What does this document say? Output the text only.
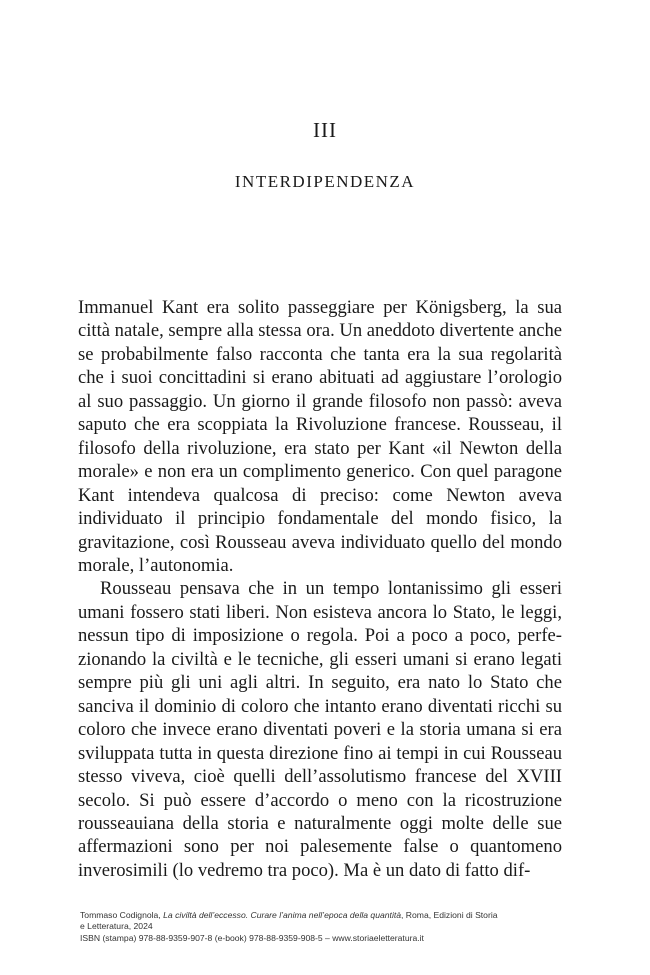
III
INTERDIPENDENZA

Immanuel Kant era solito passeggiare per Königsberg, la sua città natale, sempre alla stessa ora. Un aneddoto divertente anche se probabilmente falso racconta che tanta era la sua regolarità che i suoi concittadini si erano abituati ad aggiustare l’orologio al suo passaggio. Un giorno il grande filosofo non passò: aveva saputo che era scoppiata la Rivoluzione francese. Rousseau, il filosofo della rivoluzione, era stato per Kant «il Newton della morale» e non era un complimento generico. Con quel paragone Kant intendeva qualcosa di preciso: come Newton aveva individuato il principio fondamentale del mondo fisico, la gravitazione, così Rousseau aveva individuato quello del mondo morale, l’autonomia.

Rousseau pensava che in un tempo lontanissimo gli esseri umani fossero stati liberi. Non esisteva ancora lo Stato, le leggi, nessun tipo di imposizione o regola. Poi a poco a poco, perfezionando la civiltà e le tecniche, gli esseri umani si erano legati sempre più gli uni agli altri. In seguito, era nato lo Stato che sanciva il dominio di coloro che intanto erano diventati ricchi su coloro che invece erano diventati poveri e la storia umana si era sviluppata tutta in questa direzione fino ai tempi in cui Rousseau stesso viveva, cioè quelli dell’assolutismo francese del XVIII secolo. Si può essere d’accordo o meno con la ricostruzione rousseauiana della storia e naturalmente oggi molte delle sue affermazioni sono per noi palesemente false o quantomeno inverosimili (lo vedremo tra poco). Ma è un dato di fatto dif-

Tommaso Codignola, La civiltà dell’eccesso. Curare l’anima nell’epoca della quantità, Roma, Edizioni di Storia
e Letteratura, 2024
ISBN (stampa) 978-88-9359-907-8 (e-book) 978-88-9359-908-5 – www.storiaeletteratura.it
